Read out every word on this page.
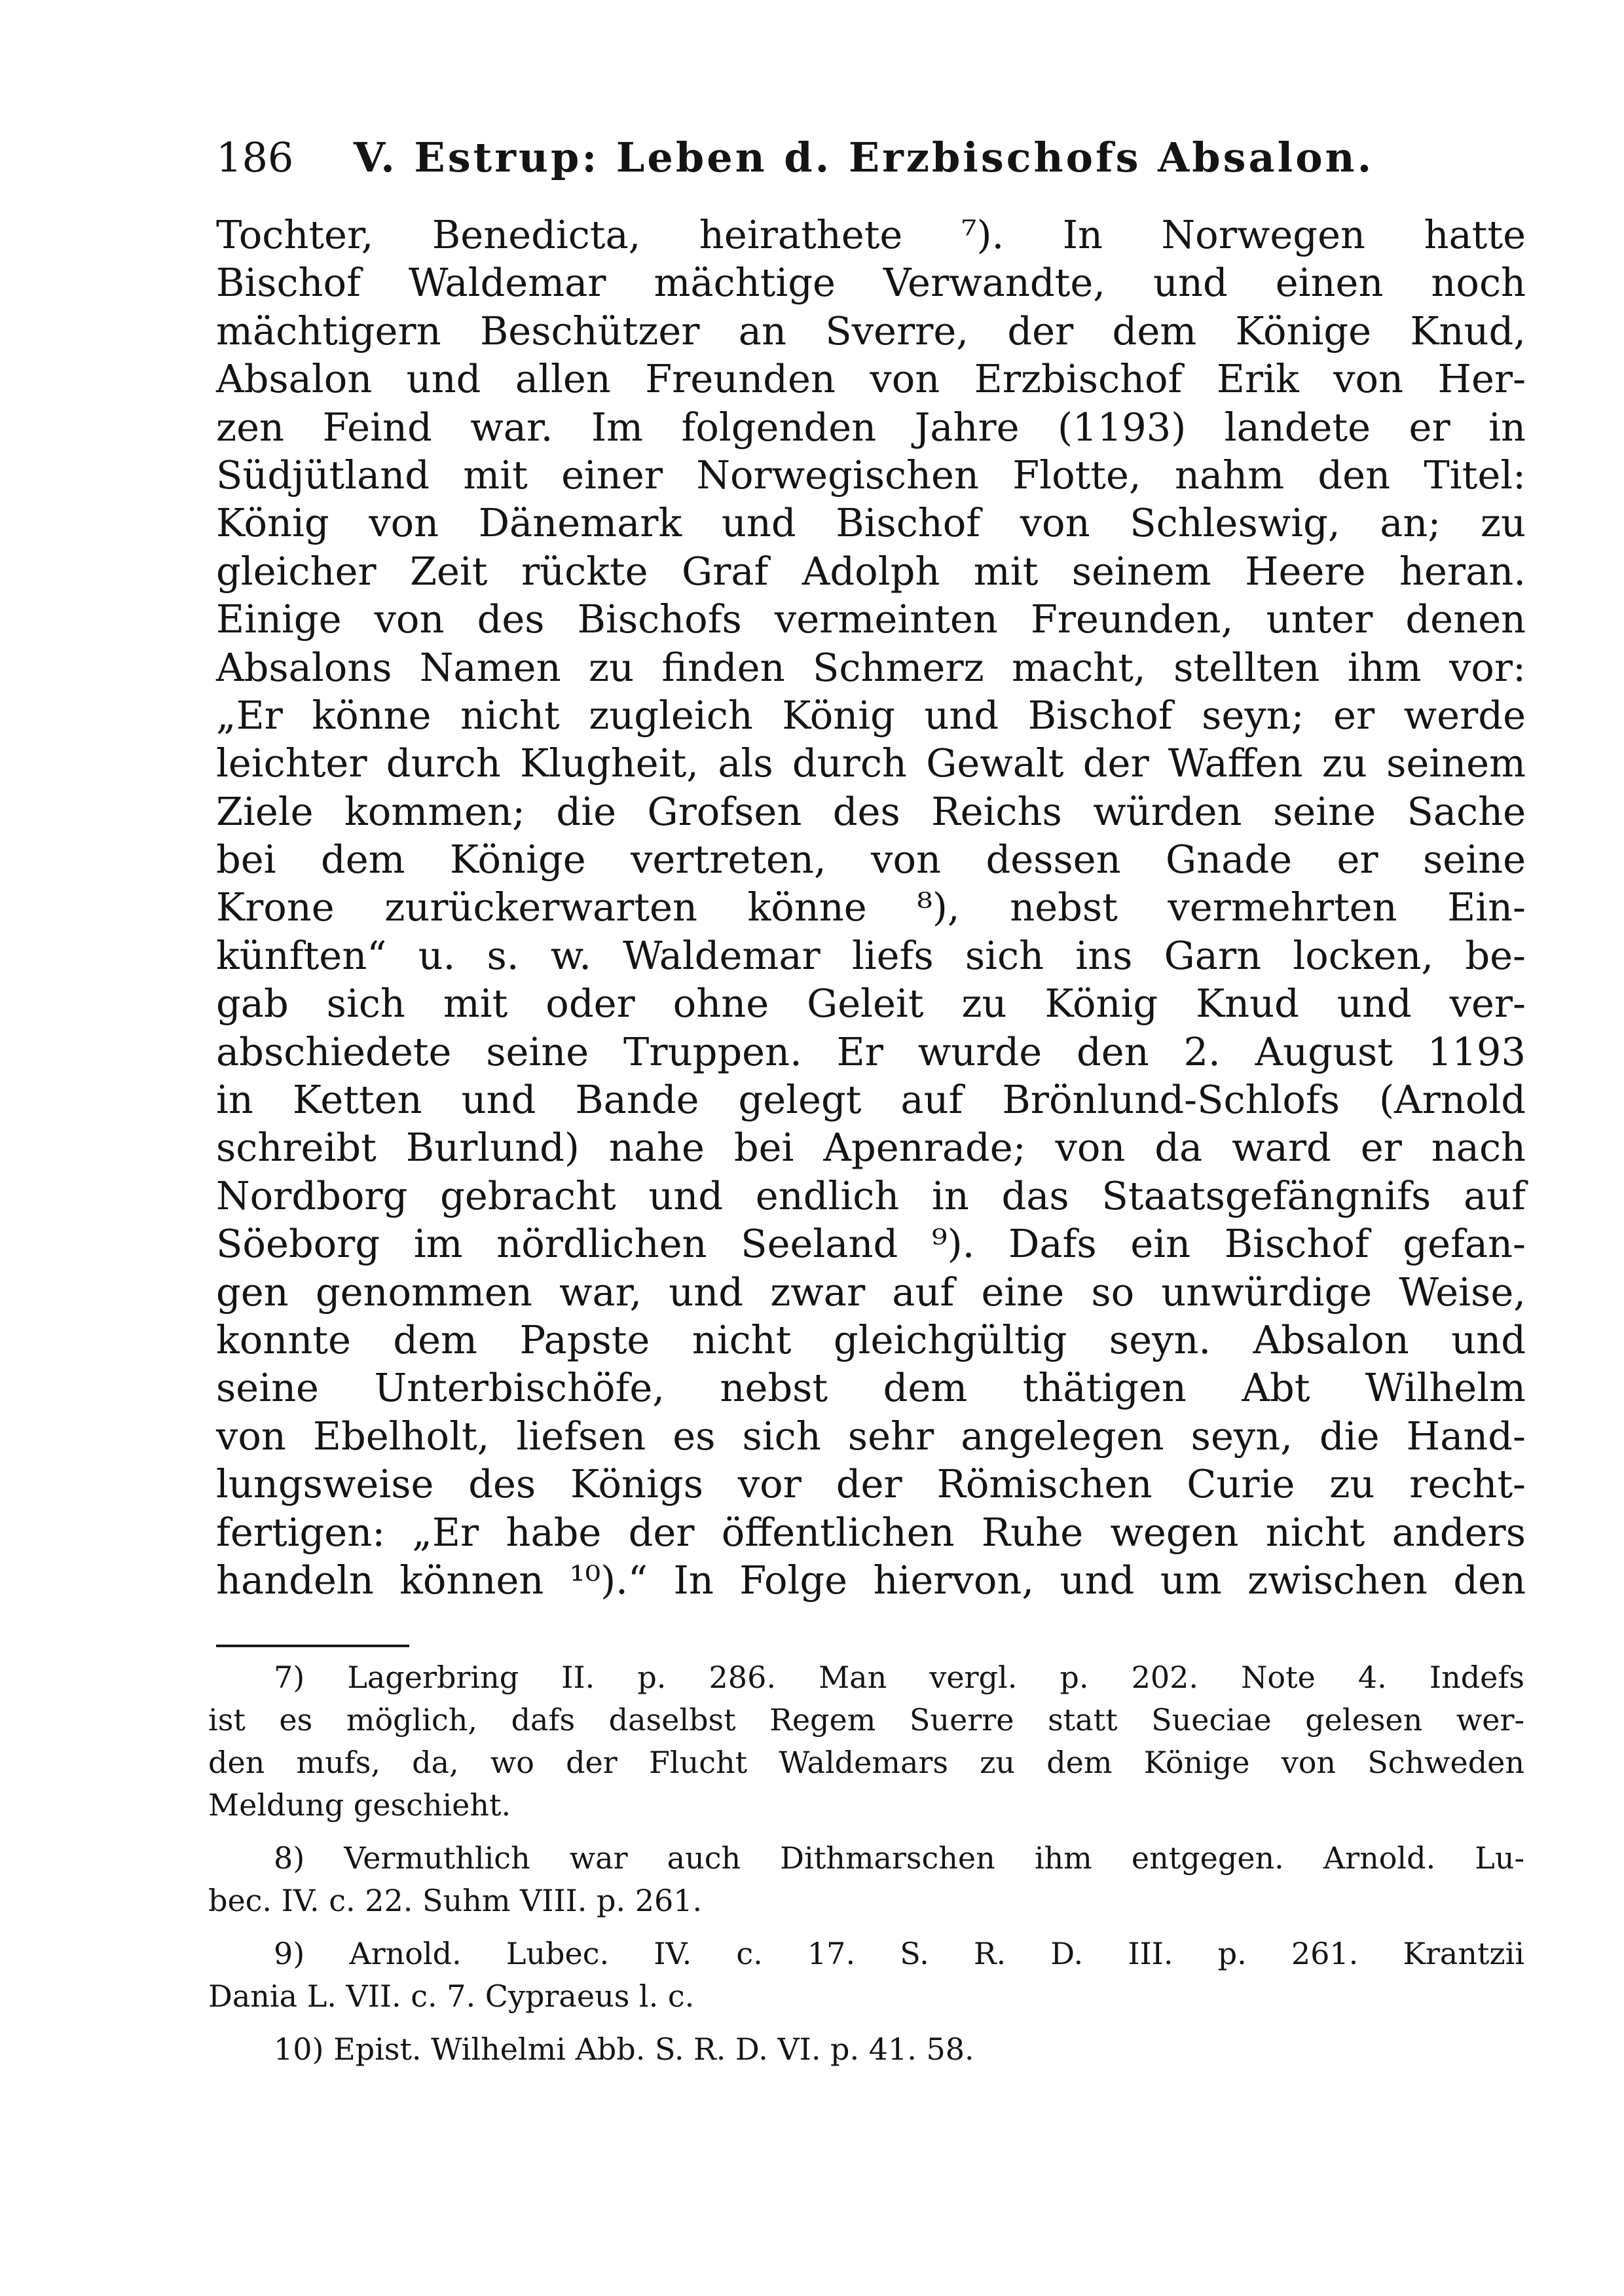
186 V. Estrup: Leben d. Erzbischofs Absalon.
Tochter, Benedicta, heirathete ⁷). In Norwegen hatte
Bischof Waldemar mächtige Verwandte, und einen noch
mächtigern Beschützer an Sverre, der dem Könige Knud,
Absalon und allen Freunden von Erzbischof Erik von Her-
zen Feind war. Im folgenden Jahre (1193) landete er in
Südjütland mit einer Norwegischen Flotte, nahm den Titel:
König von Dänemark und Bischof von Schleswig, an; zu
gleicher Zeit rückte Graf Adolph mit seinem Heere heran.
Einige von des Bischofs vermeinten Freunden, unter denen
Absalons Namen zu finden Schmerz macht, stellten ihm vor:
„Er könne nicht zugleich König und Bischof seyn; er werde
leichter durch Klugheit, als durch Gewalt der Waffen zu seinem
Ziele kommen; die Grofsen des Reichs würden seine Sache
bei dem Könige vertreten, von dessen Gnade er seine
Krone zurückerwarten könne ⁸), nebst vermehrten Ein-
künften“ u. s. w. Waldemar liefs sich ins Garn locken, be-
gab sich mit oder ohne Geleit zu König Knud und ver-
abschiedete seine Truppen. Er wurde den 2. August 1193
in Ketten und Bande gelegt auf Brönlund-Schlofs (Arnold
schreibt Burlund) nahe bei Apenrade; von da ward er nach
Nordborg gebracht und endlich in das Staatsgefängnifs auf
Söeborg im nördlichen Seeland ⁹). Dafs ein Bischof gefan-
gen genommen war, und zwar auf eine so unwürdige Weise,
konnte dem Papste nicht gleichgültig seyn. Absalon und
seine Unterbischöfe, nebst dem thätigen Abt Wilhelm
von Ebelholt, liefsen es sich sehr angelegen seyn, die Hand-
lungsweise des Königs vor der Römischen Curie zu recht-
fertigen: „Er habe der öffentlichen Ruhe wegen nicht anders
handeln können ¹⁰).“ In Folge hiervon, und um zwischen den
7) Lagerbring II. p. 286. Man vergl. p. 202. Note 4. Indefs
ist es möglich, dafs daselbst Regem Suerre statt Sueciae gelesen wer-
den mufs, da, wo der Flucht Waldemars zu dem Könige von Schweden
Meldung geschieht.
8) Vermuthlich war auch Dithmarschen ihm entgegen. Arnold. Lu-
bec. IV. c. 22. Suhm VIII. p. 261.
9) Arnold. Lubec. IV. c. 17. S. R. D. III. p. 261. Krantzii
Dania L. VII. c. 7. Cypraeus l. c.
10) Epist. Wilhelmi Abb. S. R. D. VI. p. 41. 58.
